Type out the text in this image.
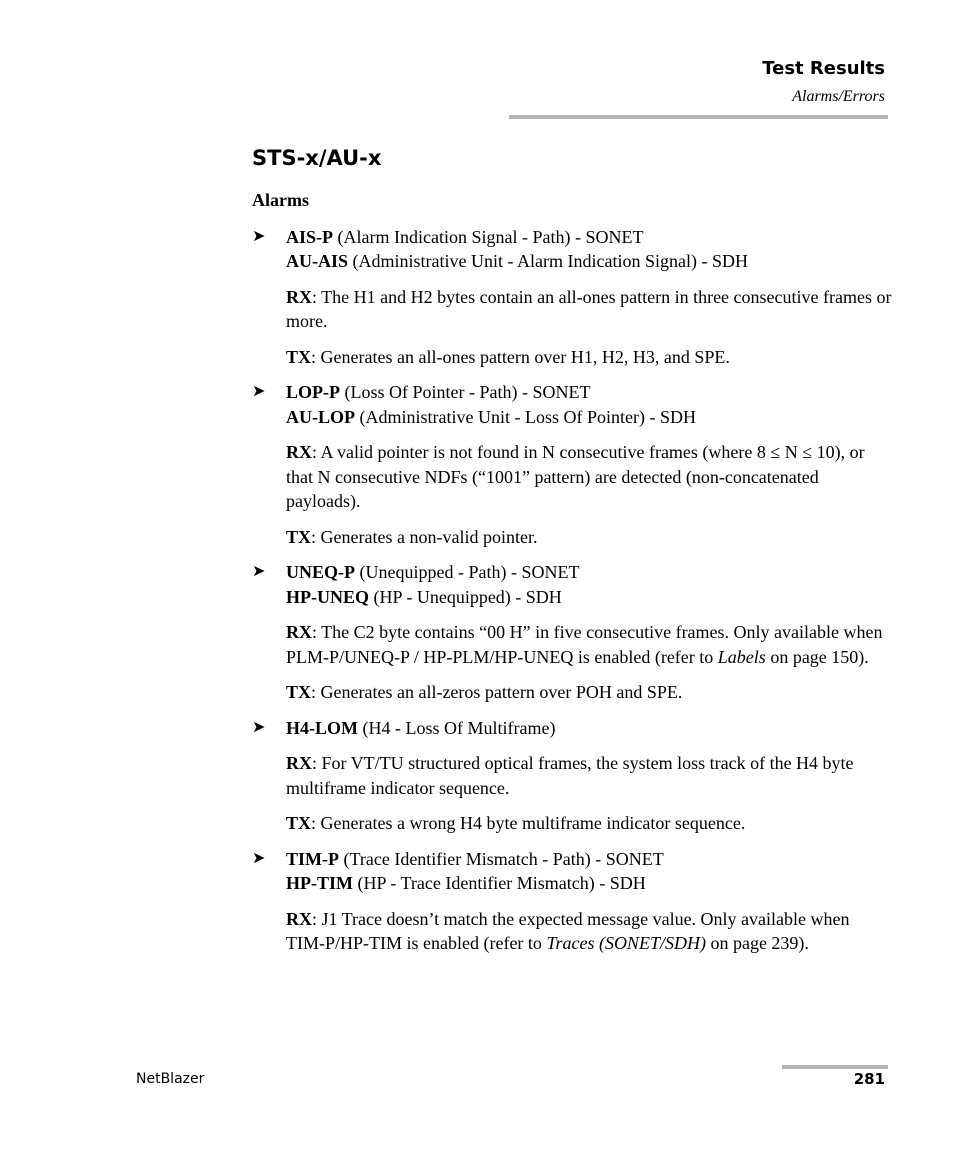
Test Results
Alarms/Errors
STS-x/AU-x
Alarms
➤ AIS-P (Alarm Indication Signal - Path) - SONET
AU-AIS (Administrative Unit - Alarm Indication Signal) - SDH
RX: The H1 and H2 bytes contain an all-ones pattern in three consecutive frames or more.
TX: Generates an all-ones pattern over H1, H2, H3, and SPE.
➤ LOP-P (Loss Of Pointer - Path) - SONET
AU-LOP (Administrative Unit - Loss Of Pointer) - SDH
RX: A valid pointer is not found in N consecutive frames (where 8 ≤ N ≤ 10), or that N consecutive NDFs (“1001” pattern) are detected (non-concatenated payloads).
TX: Generates a non-valid pointer.
➤ UNEQ-P (Unequipped - Path) - SONET
HP-UNEQ (HP - Unequipped) - SDH
RX: The C2 byte contains “00 H” in five consecutive frames. Only available when PLM-P/UNEQ-P / HP-PLM/HP-UNEQ is enabled (refer to Labels on page 150).
TX: Generates an all-zeros pattern over POH and SPE.
➤ H4-LOM (H4 - Loss Of Multiframe)
RX: For VT/TU structured optical frames, the system loss track of the H4 byte multiframe indicator sequence.
TX: Generates a wrong H4 byte multiframe indicator sequence.
➤ TIM-P (Trace Identifier Mismatch - Path) - SONET
HP-TIM (HP - Trace Identifier Mismatch) - SDH
RX: J1 Trace doesn’t match the expected message value. Only available when TIM-P/HP-TIM is enabled (refer to Traces (SONET/SDH) on page 239).
NetBlazer	281
